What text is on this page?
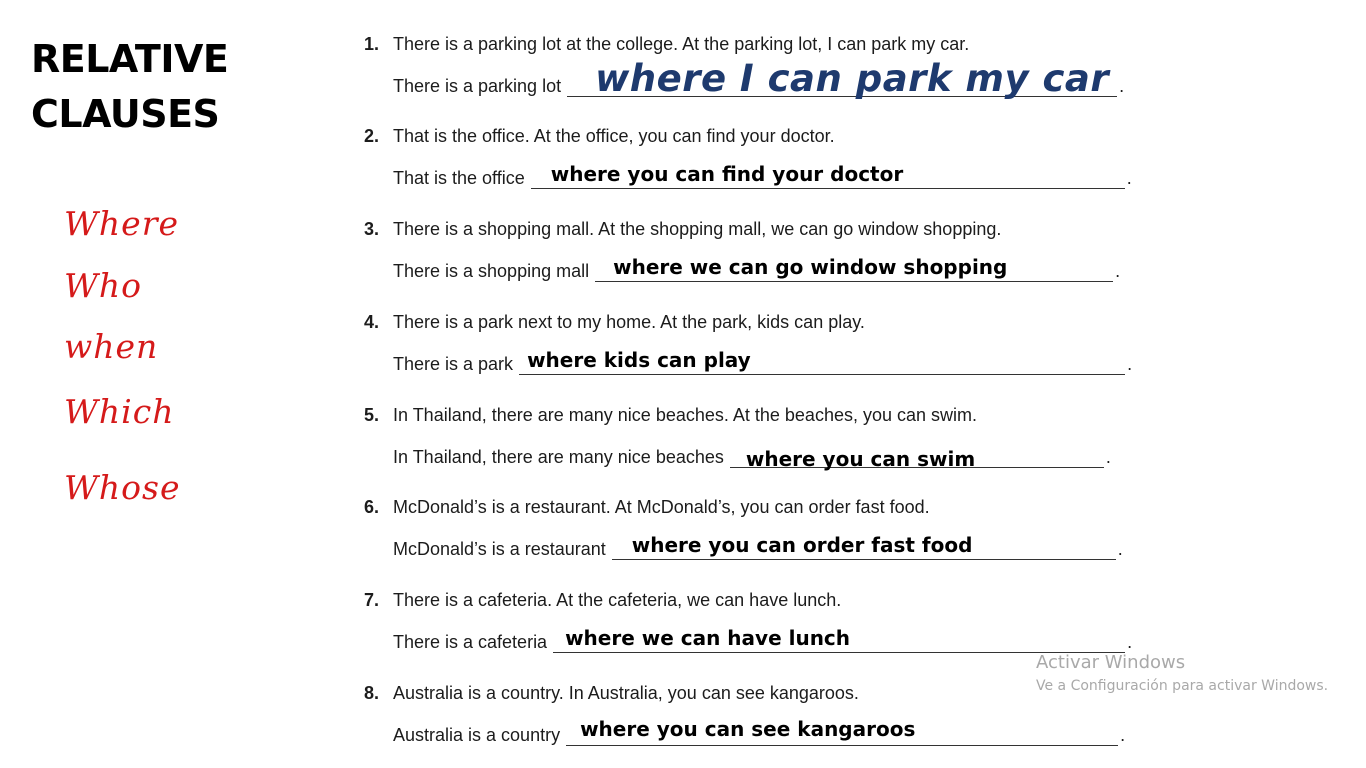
RELATIVE
CLAUSES
Where
Who
when
Which
Whose
1. There is a parking lot at the college. At the parking lot, I can park my car.
There is a parking lot where I can park my car .
2. That is the office. At the office, you can find your doctor.
That is the office where you can find your doctor	.
3. There is a shopping mall. At the shopping mall, we can go window shopping.
There is a shopping mall where we can go window shopping	.
4. There is a park next to my home. At the park, kids can play.
There is a park where kids can play	.
5. In Thailand, there are many nice beaches. At the beaches, you can swim.
In Thailand, there are many nice beaches where you can swim	.
6. McDonald’s is a restaurant. At McDonald’s, you can order fast food.
McDonald’s is a restaurant where you can order fast food	.
7. There is a cafeteria. At the cafeteria, we can have lunch.
There is a cafeteria where we can have lunch	.
8. Australia is a country. In Australia, you can see kangaroos.
Australia is a country where you can see kangaroos	.
Activar Windows
Ve a Configuración para activar Windows.
